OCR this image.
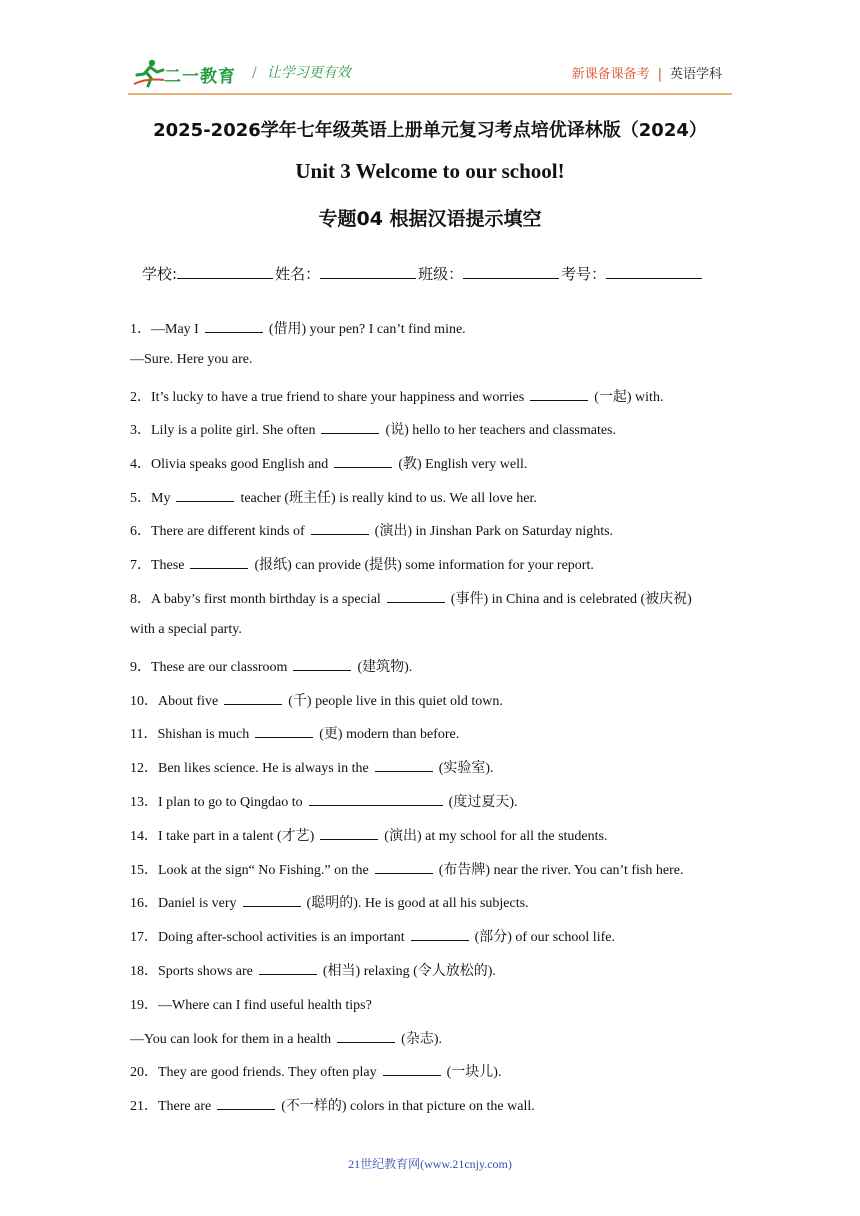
二一教育 / 让学习更有效	新课备课备考 | 英语学科
2025-2026学年七年级英语上册单元复习考点培优译林版（2024）
Unit 3 Welcome to our school!
专题04 根据汉语提示填空
学校:	姓名：	班级：	考号：
1．—May I	(借用) your pen? I can’t find mine.
—Sure. Here you are.
2．It’s lucky to have a true friend to share your happiness and worries	(一起) with.
3．Lily is a polite girl. She often	(说) hello to her teachers and classmates.
4．Olivia speaks good English and	(教) English very well.
5．My	teacher (班主任) is really kind to us. We all love her.
6．There are different kinds of	(演出) in Jinshan Park on Saturday nights.
7．These	(报纸) can provide (提供) some information for your report.
8．A baby’s first month birthday is a special	(事件) in China and is celebrated (被庆祝)
with a special party.
9．These are our classroom	(建筑物).
10．About five	(千) people live in this quiet old town.
11．Shishan is much	(更) modern than before.
12．Ben likes science. He is always in the	(实验室).
13．I plan to go to Qingdao to	(度过夏天).
14．I take part in a talent (才艺)	(演出) at my school for all the students.
15．Look at the sign“ No Fishing.” on the	(布告牌) near the river. You can’t fish here.
16．Daniel is very	(聪明的). He is good at all his subjects.
17．Doing after-school activities is an important	(部分) of our school life.
18．Sports shows are	(相当) relaxing (令人放松的).
19．—Where can I find useful health tips?
—You can look for them in a health	(杂志).
20．They are good friends. They often play	(一块儿).
21．There are	(不一样的) colors in that picture on the wall.
21世纪教育网(www.21cnjy.com)
